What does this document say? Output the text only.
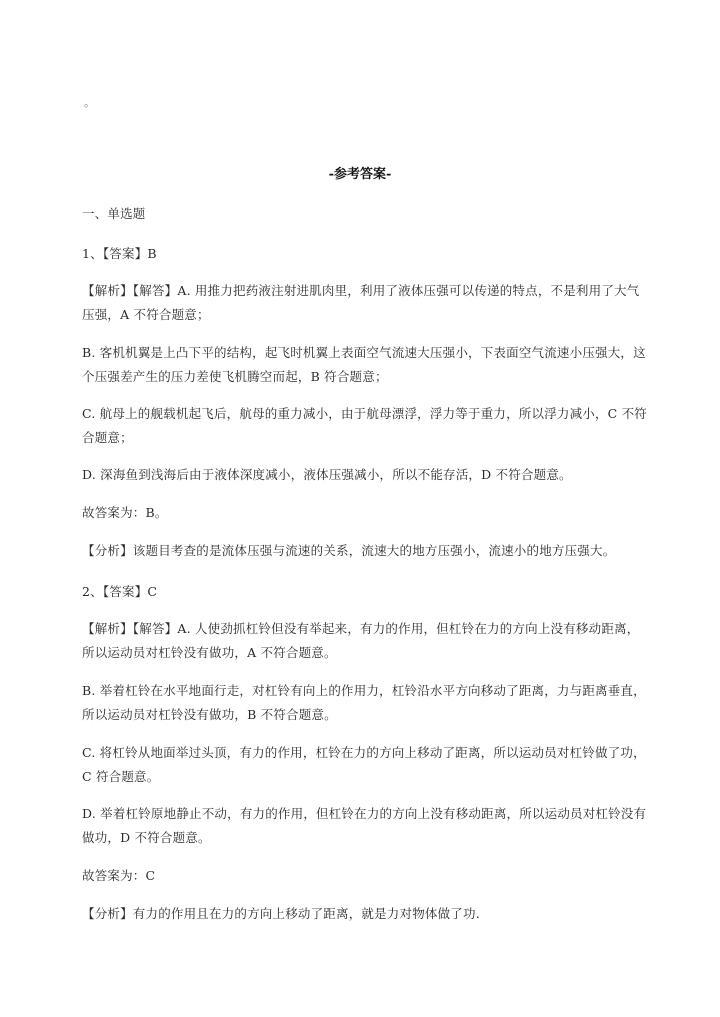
。
-参考答案-
一、单选题
1、【答案】B
【解析】【解答】A. 用推力把药液注射进肌肉里，利用了液体压强可以传递的特点，不是利用了大气
压强，A 不符合题意；
B. 客机机翼是上凸下平的结构，起飞时机翼上表面空气流速大压强小，下表面空气流速小压强大，这
个压强差产生的压力差使飞机腾空而起，B 符合题意；
C. 航母上的舰载机起飞后，航母的重力减小，由于航母漂浮，浮力等于重力，所以浮力减小，C 不符
合题意；
D. 深海鱼到浅海后由于液体深度减小，液体压强减小，所以不能存活，D 不符合题意。
故答案为：B。
【分析】该题目考查的是流体压强与流速的关系，流速大的地方压强小，流速小的地方压强大。
2、【答案】C
【解析】【解答】A. 人使劲抓杠铃但没有举起来，有力的作用，但杠铃在力的方向上没有移动距离，
所以运动员对杠铃没有做功，A 不符合题意。
B. 举着杠铃在水平地面行走，对杠铃有向上的作用力，杠铃沿水平方向移动了距离，力与距离垂直，
所以运动员对杠铃没有做功，B 不符合题意。
C. 将杠铃从地面举过头顶，有力的作用，杠铃在力的方向上移动了距离，所以运动员对杠铃做了功，
C 符合题意。
D. 举着杠铃原地静止不动，有力的作用，但杠铃在力的方向上没有移动距离，所以运动员对杠铃没有
做功，D 不符合题意。
故答案为：C
【分析】有力的作用且在力的方向上移动了距离，就是力对物体做了功.
